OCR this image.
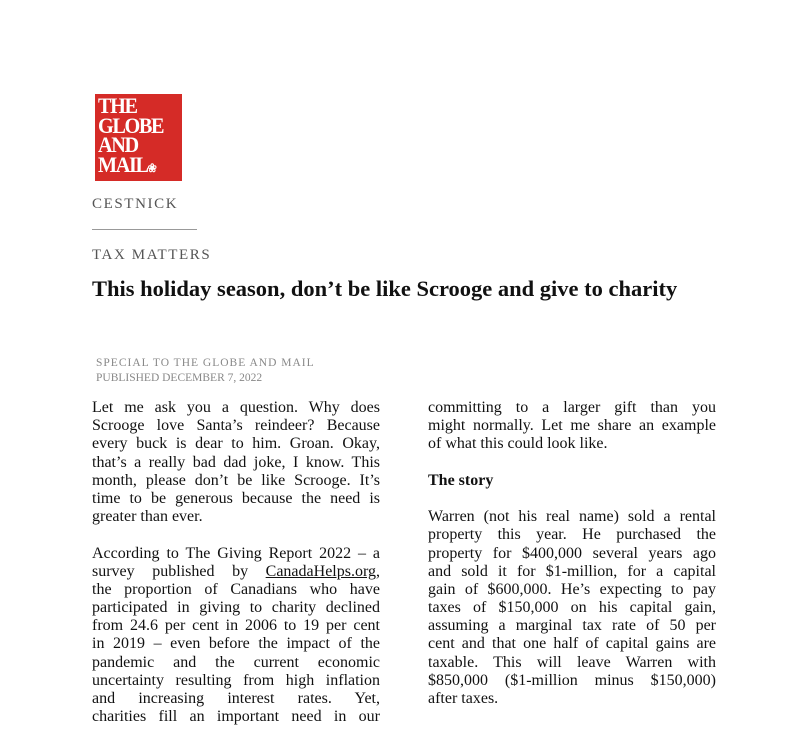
THE
GLOBE
AND
MAIL❀
CESTNICK
TAX MATTERS
This holiday season, don’t be like Scrooge and give to charity
SPECIAL TO THE GLOBE AND MAIL
PUBLISHED DECEMBER 7, 2022
Let me ask you a question. Why does
Scrooge love Santa’s reindeer? Because
every buck is dear to him. Groan. Okay,
that’s a really bad dad joke, I know. This
month, please don’t be like Scrooge. It’s
time to be generous because the need is
greater than ever.
According to The Giving Report 2022 – a
survey published by CanadaHelps.org,
the proportion of Canadians who have
participated in giving to charity declined
from 24.6 per cent in 2006 to 19 per cent
in 2019 – even before the impact of the
pandemic and the current economic
uncertainty resulting from high inflation
and increasing interest rates. Yet,
charities fill an important need in our
committing to a larger gift than you
might normally. Let me share an example
of what this could look like.
The story
Warren (not his real name) sold a rental
property this year. He purchased the
property for $400,000 several years ago
and sold it for $1-million, for a capital
gain of $600,000. He’s expecting to pay
taxes of $150,000 on his capital gain,
assuming a marginal tax rate of 50 per
cent and that one half of capital gains are
taxable. This will leave Warren with
$850,000 ($1-million minus $150,000)
after taxes.
